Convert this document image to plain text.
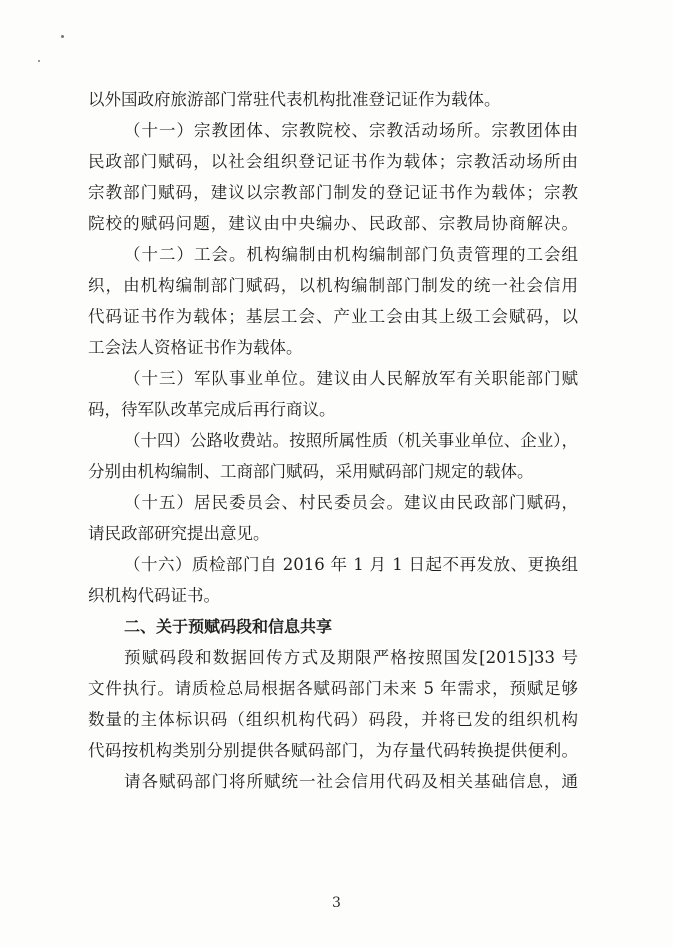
以外国政府旅游部门常驻代表机构批准登记证作为载体。

（十一）宗教团体、宗教院校、宗教活动场所。宗教团体由

民政部门赋码，以社会组织登记证书作为载体；宗教活动场所由

宗教部门赋码，建议以宗教部门制发的登记证书作为载体；宗教

院校的赋码问题，建议由中央编办、民政部、宗教局协商解决。

（十二）工会。机构编制由机构编制部门负责管理的工会组

织，由机构编制部门赋码，以机构编制部门制发的统一社会信用

代码证书作为载体；基层工会、产业工会由其上级工会赋码，以

工会法人资格证书作为载体。

（十三）军队事业单位。建议由人民解放军有关职能部门赋

码，待军队改革完成后再行商议。

（十四）公路收费站。按照所属性质（机关事业单位、企业），

分别由机构编制、工商部门赋码，采用赋码部门规定的载体。

（十五）居民委员会、村民委员会。建议由民政部门赋码，

请民政部研究提出意见。

（十六）质检部门自 2016 年 1 月 1 日起不再发放、更换组

织机构代码证书。

二、关于预赋码段和信息共享

预赋码段和数据回传方式及期限严格按照国发[2015]33 号

文件执行。请质检总局根据各赋码部门未来 5 年需求，预赋足够

数量的主体标识码（组织机构代码）码段，并将已发的组织机构

代码按机构类别分别提供各赋码部门，为存量代码转换提供便利。

请各赋码部门将所赋统一社会信用代码及相关基础信息，通

3
